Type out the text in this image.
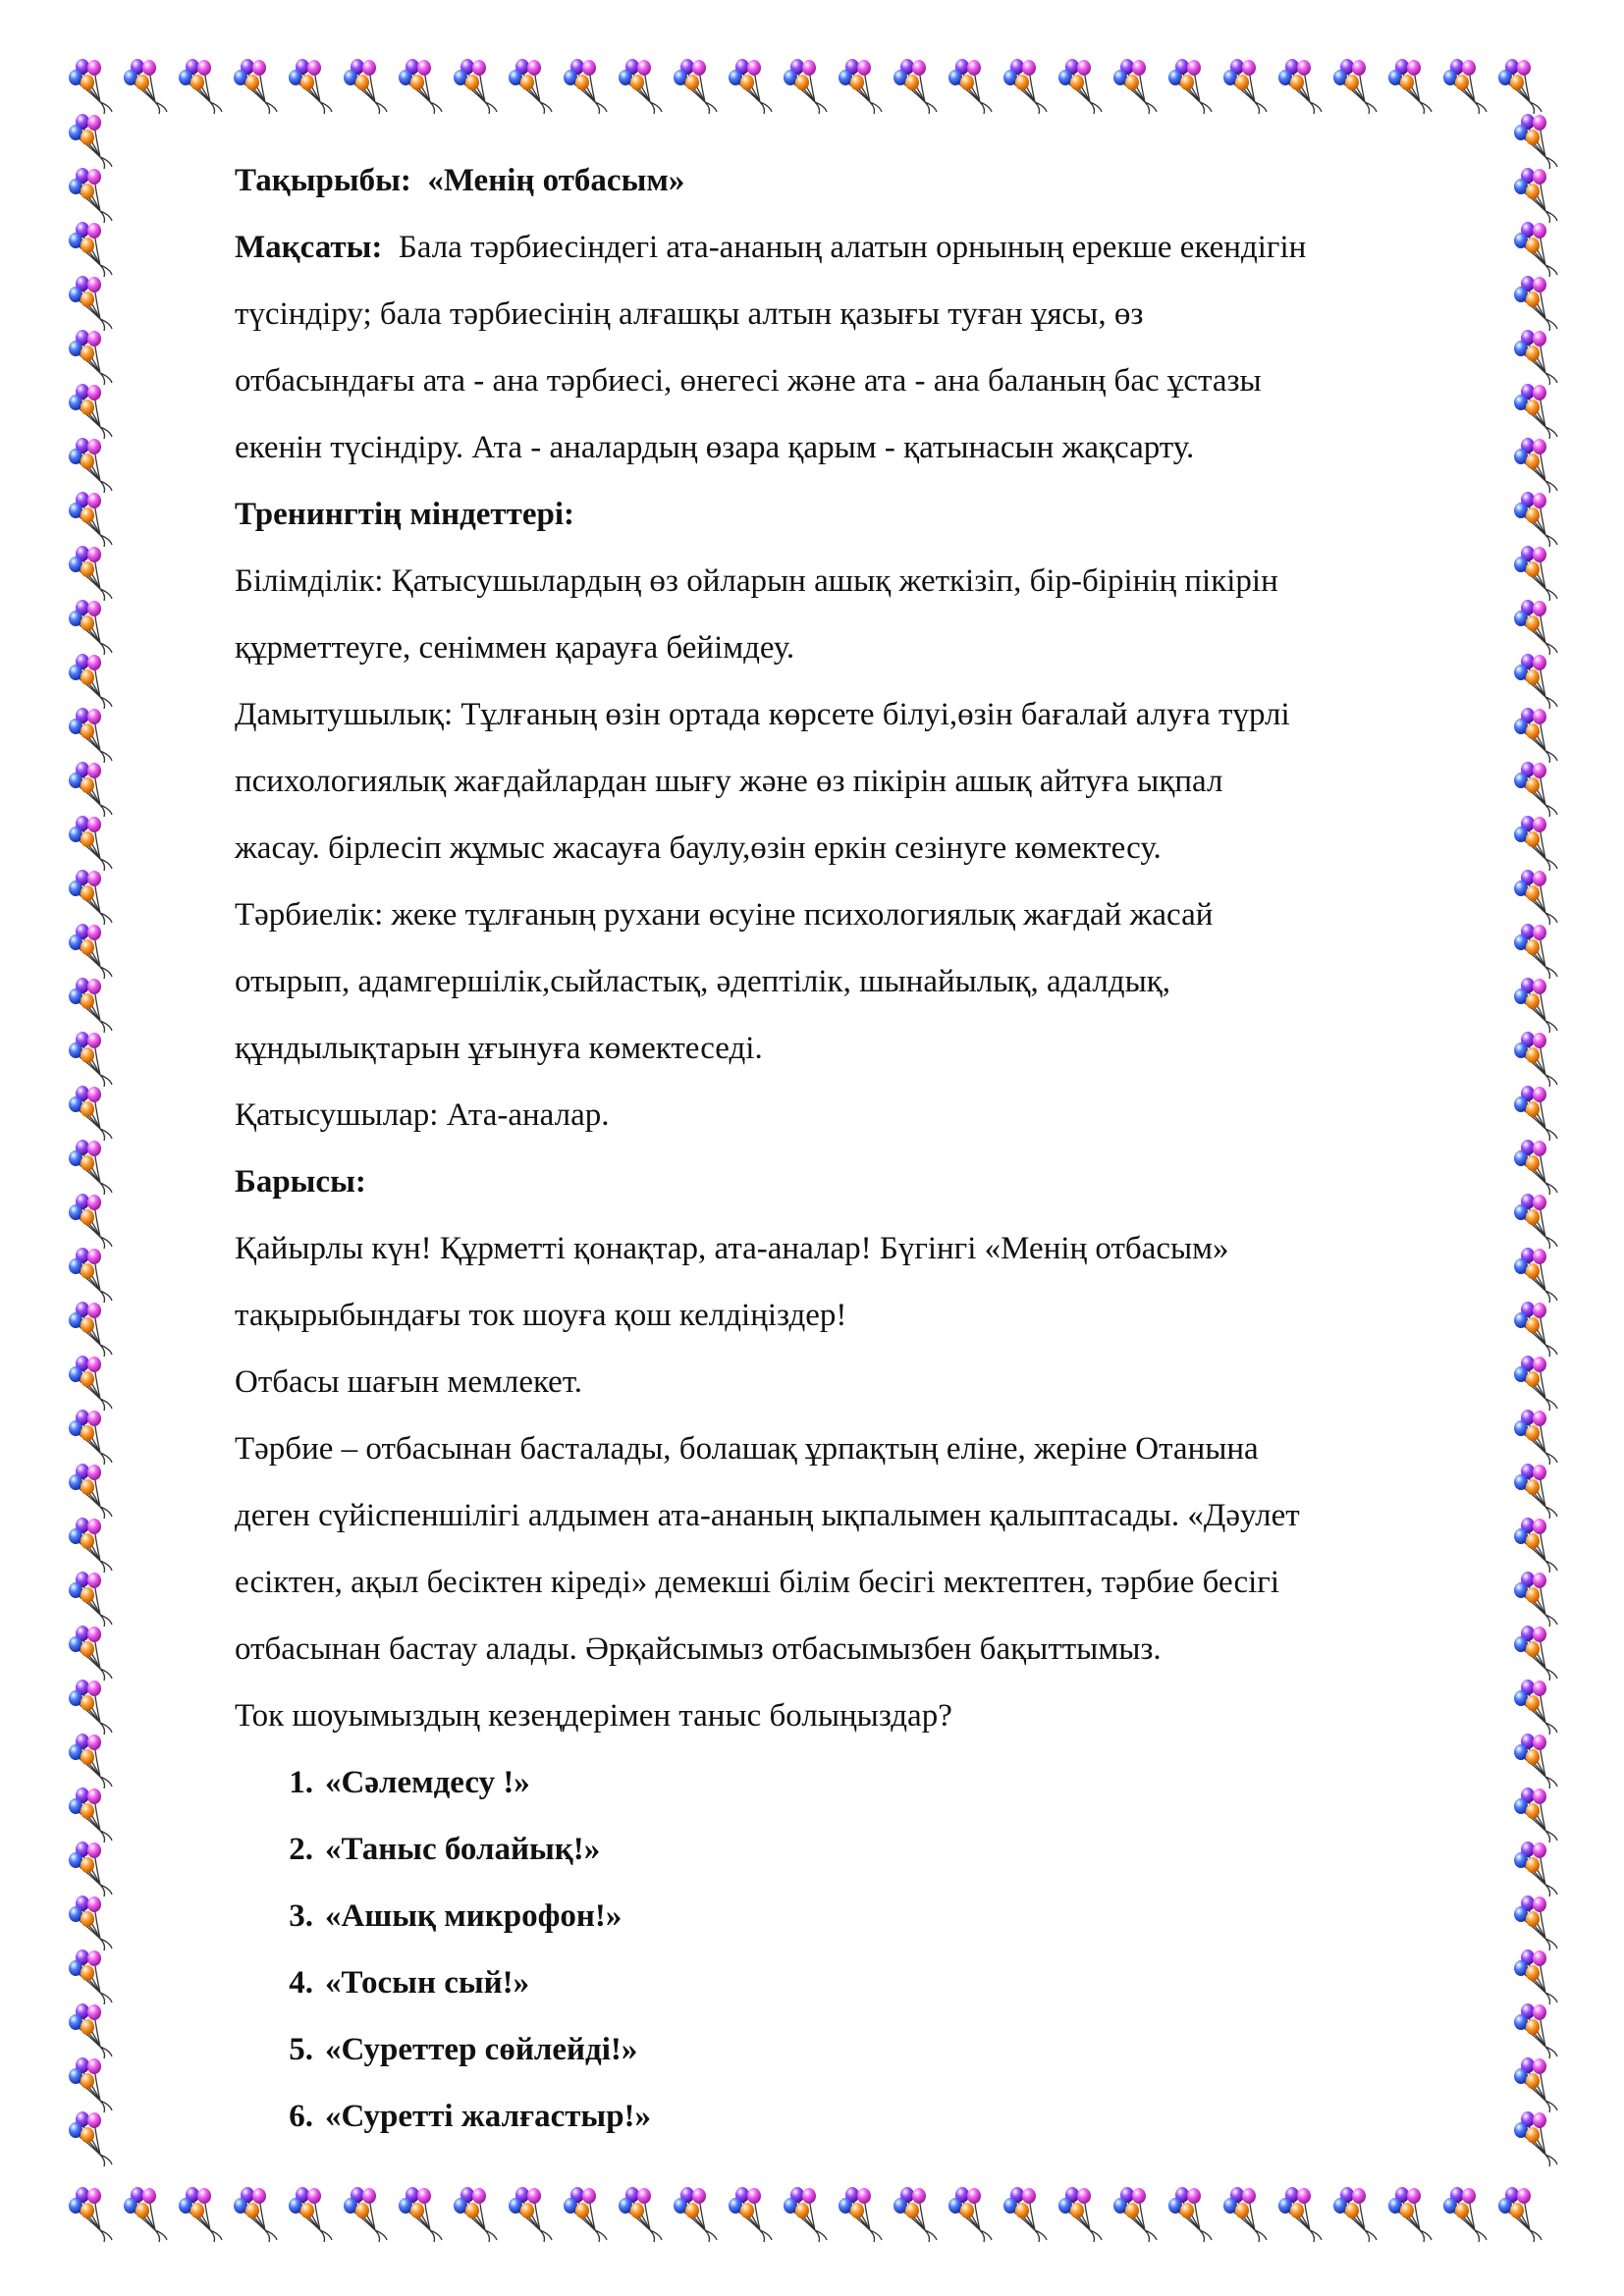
Тақырыбы: «Менің отбасым»
Мақсаты: Бала тәрбиесіндегі ата-ананың алатын орнының ерекше екендігін
түсіндіру; бала тәрбиесінің алғашқы алтын қазығы туған ұясы, өз
отбасындағы ата - ана тәрбиесі, өнегесі және ата - ана баланың бас ұстазы
екенін түсіндіру. Ата - аналардың өзара қарым - қатынасын жақсарту.
Тренингтің міндеттері:
Білімділік: Қатысушылардың өз ойларын ашық жеткізіп, бір-бірінің пікірін
құрметтеуге, сеніммен қарауға бейімдеу.
Дамытушылық: Тұлғаның өзін ортада көрсете білуі,өзін бағалай алуға түрлі
психологиялық жағдайлардан шығу және өз пікірін ашық айтуға ықпал
жасау. бірлесіп жұмыс жасауға баулу,өзін еркін сезінуге көмектесу.
Тәрбиелік: жеке тұлғаның рухани өсуіне психологиялық жағдай жасай
отырып, адамгершілік,сыйластық, әдептілік, шынайылық, адалдық,
құндылықтарын ұғынуға көмектеседі.
Қатысушылар: Ата-аналар.
Барысы:
Қайырлы күн! Құрметті қонақтар, ата-аналар! Бүгінгі «Менің отбасым»
тақырыбындағы ток шоуға қош келдіңіздер!
Отбасы шағын мемлекет.
Тәрбие – отбасынан басталады, болашақ ұрпақтың еліне, жеріне Отанына
деген сүйіспеншілігі алдымен ата-ананың ықпалымен қалыптасады. «Дәулет
есіктен, ақыл бесіктен кіреді» демекші білім бесігі мектептен, тәрбие бесігі
отбасынан бастау алады. Әрқайсымыз отбасымызбен бақыттымыз.
Ток шоуымыздың кезеңдерімен таныс болыңыздар?
1. «Сәлемдесу !»
2. «Таныс болайық!»
3. «Ашық микрофон!»
4. «Тосын сый!»
5. «Суреттер сөйлейді!»
6. «Суретті жалғастыр!»
